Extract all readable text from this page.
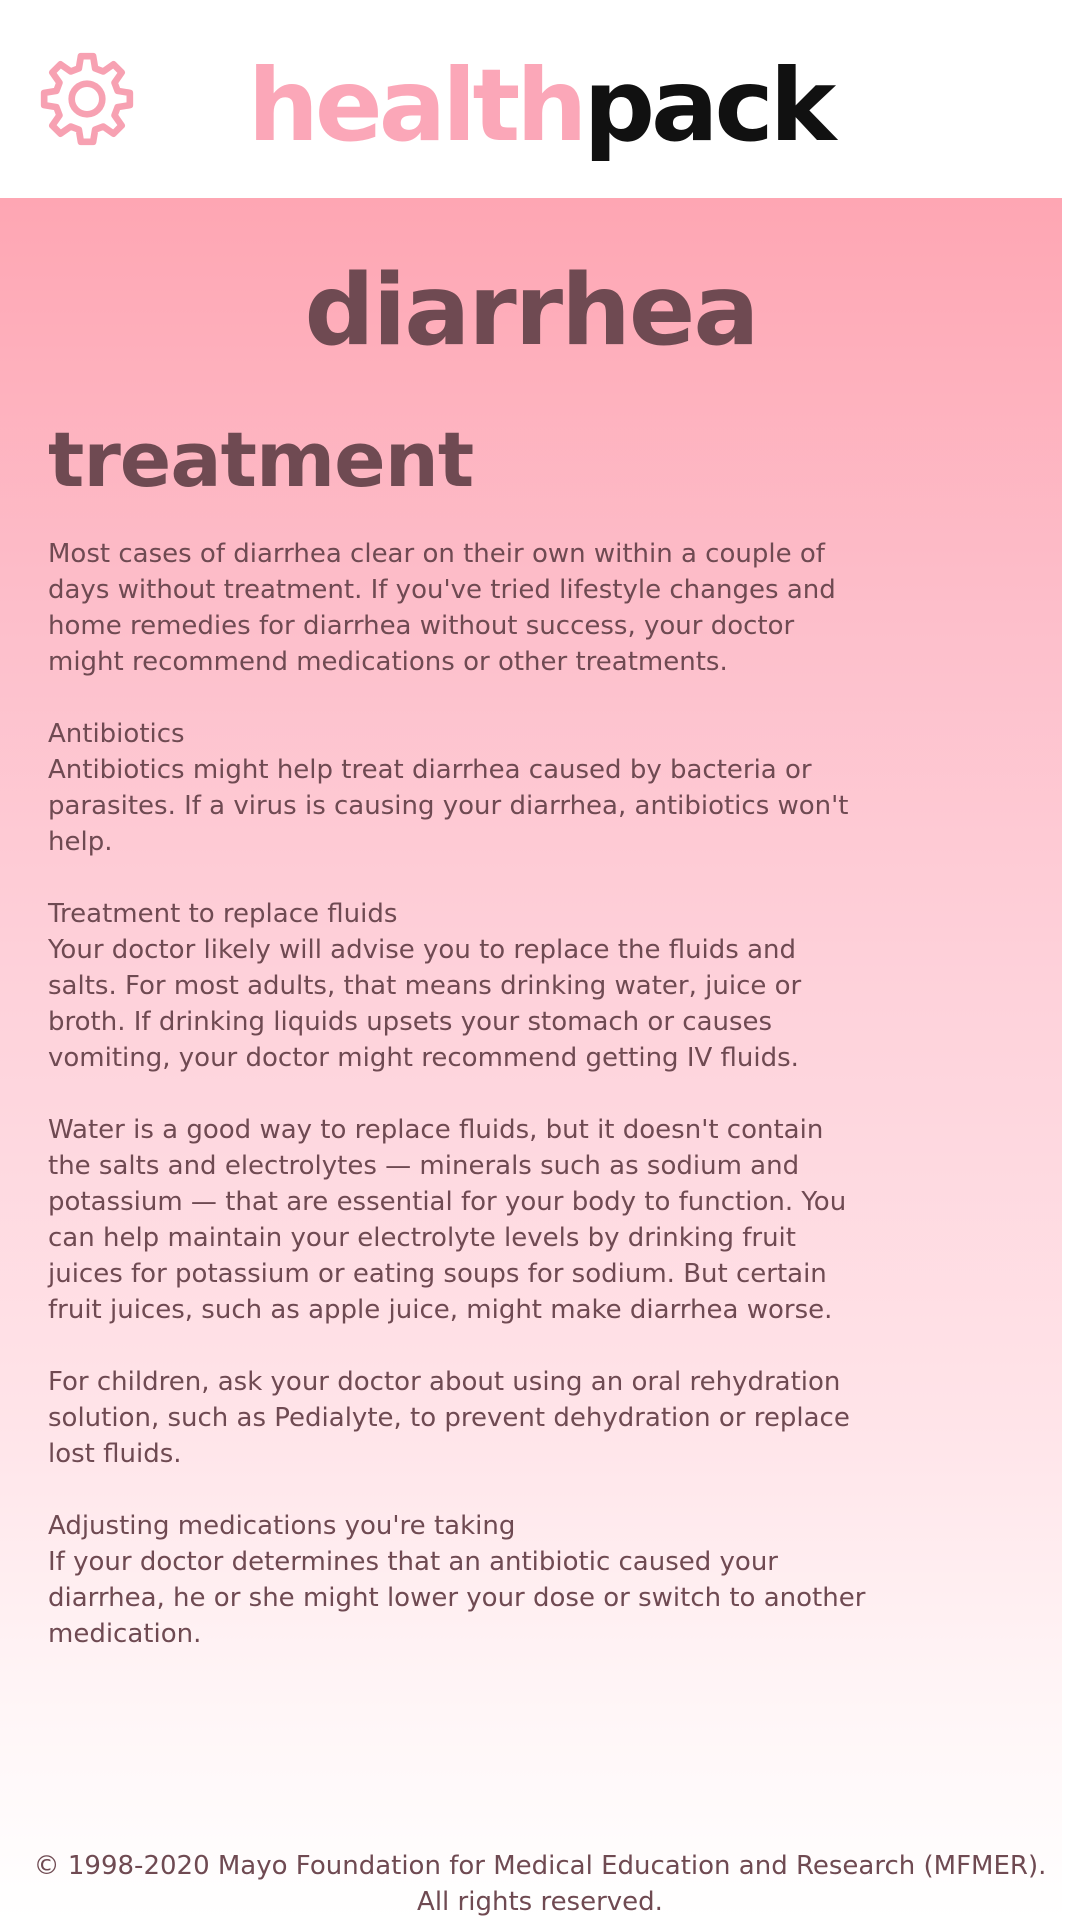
healthpack
diarrhea
treatment

Most cases of diarrhea clear on their own within a couple of days without treatment. If you've tried lifestyle changes and home remedies for diarrhea without success, your doctor might recommend medications or other treatments.

Antibiotics
Antibiotics might help treat diarrhea caused by bacteria or parasites. If a virus is causing your diarrhea, antibiotics won't help.

Treatment to replace fluids
Your doctor likely will advise you to replace the fluids and salts. For most adults, that means drinking water, juice or broth. If drinking liquids upsets your stomach or causes vomiting, your doctor might recommend getting IV fluids.

Water is a good way to replace fluids, but it doesn't contain the salts and electrolytes — minerals such as sodium and potassium — that are essential for your body to function. You can help maintain your electrolyte levels by drinking fruit juices for potassium or eating soups for sodium. But certain fruit juices, such as apple juice, might make diarrhea worse.

For children, ask your doctor about using an oral rehydration solution, such as Pedialyte, to prevent dehydration or replace lost fluids.

Adjusting medications you're taking
If your doctor determines that an antibiotic caused your diarrhea, he or she might lower your dose or switch to another medication.

© 1998-2020 Mayo Foundation for Medical Education and Research (MFMER).
All rights reserved.
